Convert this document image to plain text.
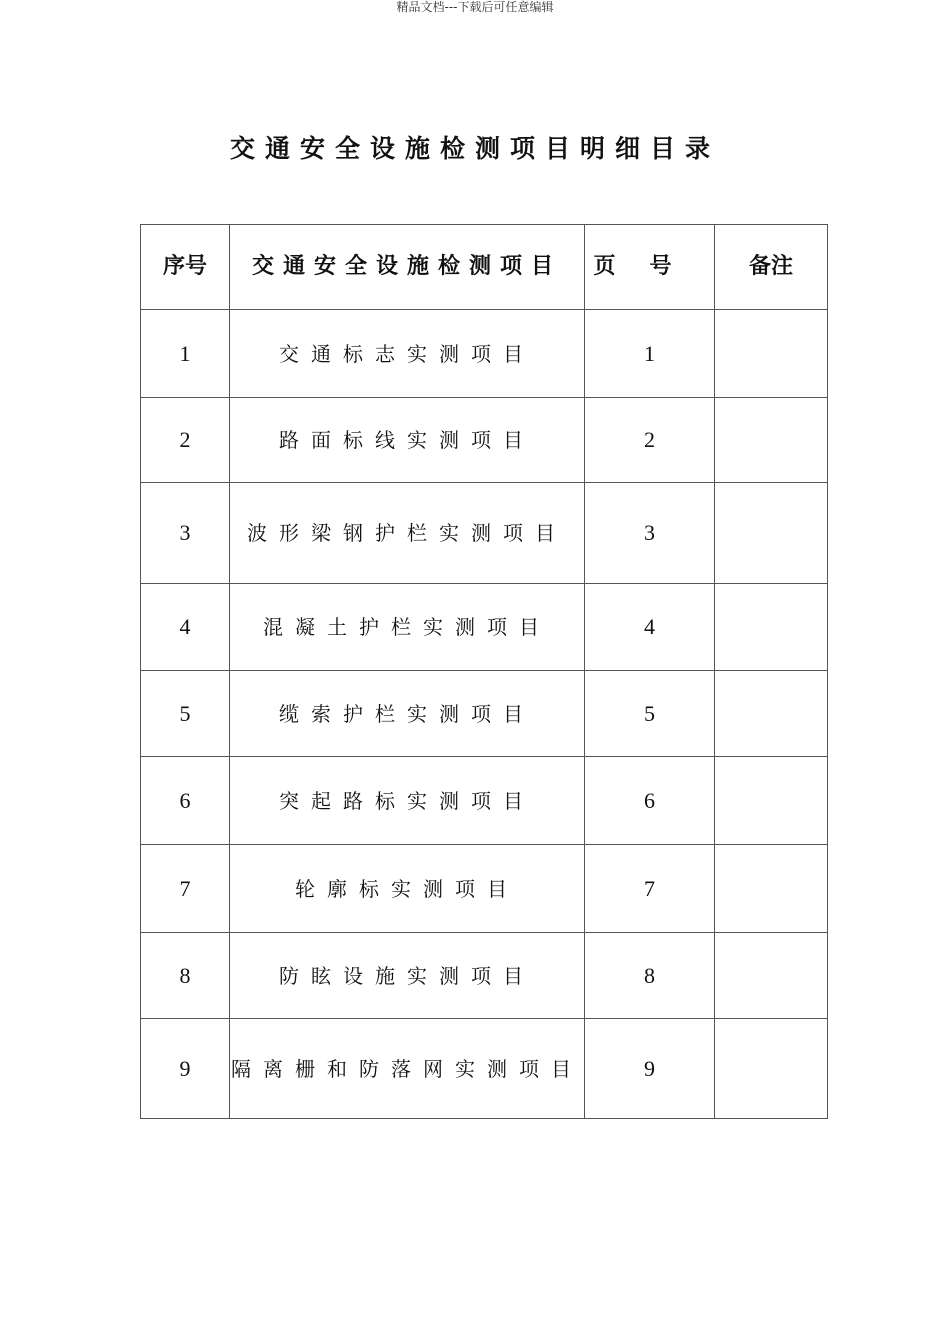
精品文档---下载后可任意编辑
交通安全设施检测项目明细目录
序号	交通安全设施检测项目	页号	备注
1	交通标志实测项目	1	
2	路面标线实测项目	2	
3	波形梁钢护栏实测项目	3	
4	混凝土护栏实测项目	4	
5	缆索护栏实测项目	5	
6	突起路标实测项目	6	
7	轮廓标实测项目	7	
8	防眩设施实测项目	8	
9	隔离栅和防落网实测项目	9	
